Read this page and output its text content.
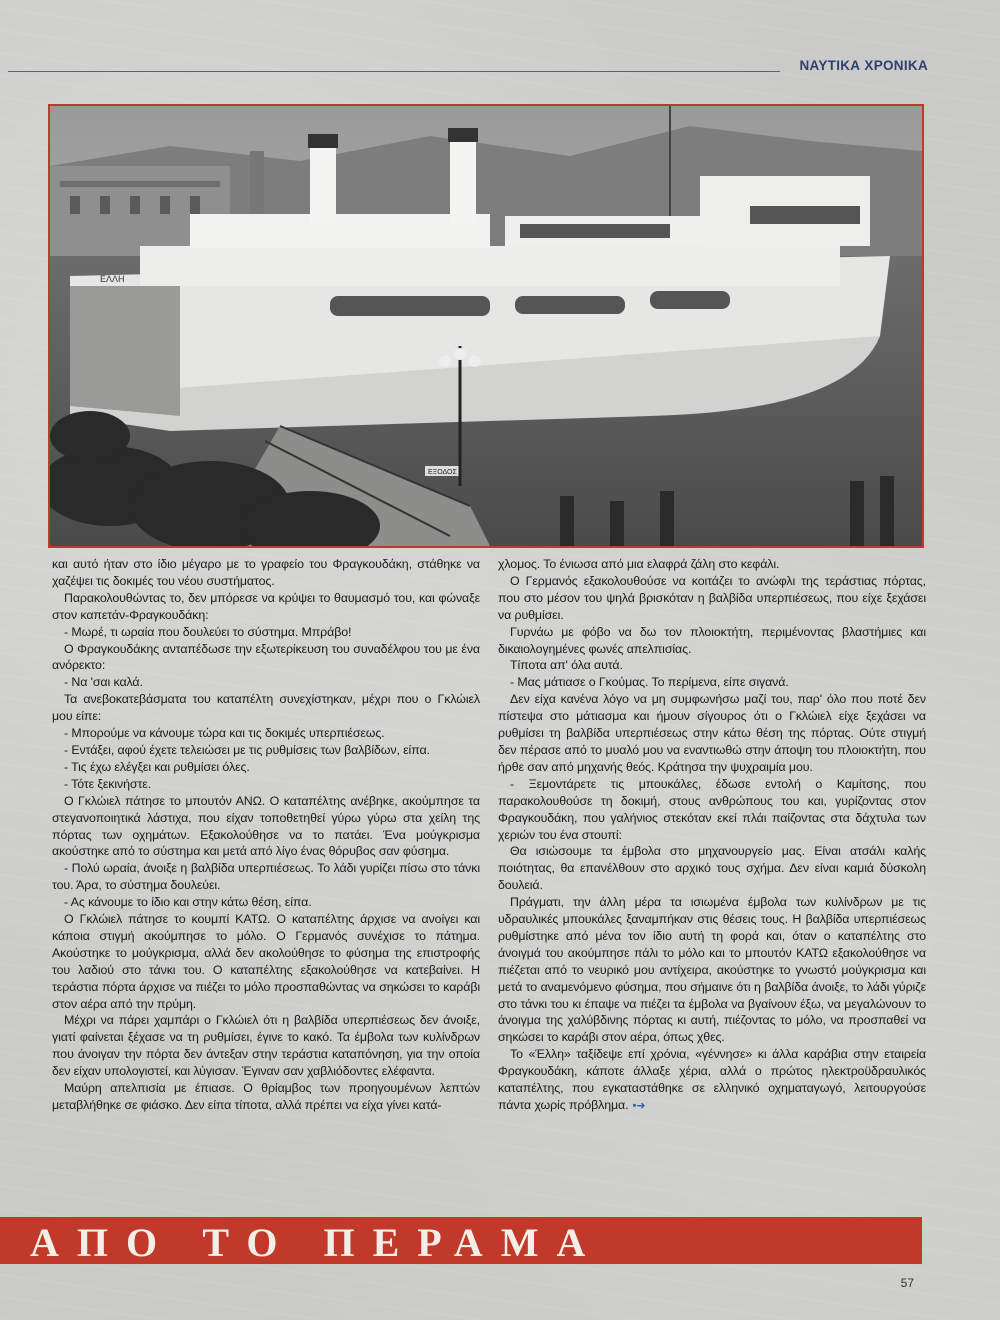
ΝΑΥΤΙΚΑ ΧΡΟΝΙΚΑ
ΕΛΛΗ
ΕΞΟΔΟΣ

και αυτό ήταν στο ίδιο μέγαρο με το γραφείο του Φραγκουδάκη, στάθηκε να χαζέψει τις δοκιμές του νέου συστήματος.

Παρακολουθώντας το, δεν μπόρεσε να κρύψει το θαυμασμό του, και φώναξε στον καπετάν-Φραγκουδάκη:

- Μωρέ, τι ωραία που δουλεύει το σύστημα. Μπράβο!

Ο Φραγκουδάκης ανταπέδωσε την εξωτερίκευση του συναδέλφου του με ένα ανόρεκτο:

- Να 'σαι καλά.

Τα ανεβοκατεβάσματα του καταπέλτη συνεχίστηκαν, μέχρι που ο Γκλώιελ μου είπε:

- Μπορούμε να κάνουμε τώρα και τις δοκιμές υπερπιέσεως.

- Εντάξει, αφού έχετε τελειώσει με τις ρυθμίσεις των βαλβίδων, είπα.

- Τις έχω ελέγξει και ρυθμίσει όλες.

- Τότε ξεκινήστε.

Ο Γκλώιελ πάτησε το μπουτόν ΑΝΩ. Ο καταπέλτης ανέβηκε, ακούμπησε τα στεγανοποιητικά λάστιχα, που είχαν τοποθετηθεί γύρω γύρω στα χείλη της πόρτας των οχημάτων. Εξακολούθησε να το πατάει. Ένα μούγκρισμα ακούστηκε από το σύστημα και μετά από λίγο ένας θόρυβος σαν φύσημα.

- Πολύ ωραία, άνοιξε η βαλβίδα υπερπιέσεως. Το λάδι γυρίζει πίσω στο τάνκι του. Άρα, το σύστημα δουλεύει.

- Ας κάνουμε το ίδιο και στην κάτω θέση, είπα.

Ο Γκλώιελ πάτησε το κουμπί ΚΑΤΩ. Ο καταπέλτης άρχισε να ανοίγει και κάποια στιγμή ακούμπησε το μόλο. Ο Γερμανός συνέχισε το πάτημα. Ακούστηκε το μούγκρισμα, αλλά δεν ακολούθησε το φύσημα της επιστροφής του λαδιού στο τάνκι του. Ο καταπέλτης εξακολούθησε να κατεβαίνει. Η τεράστια πόρτα άρχισε να πιέζει το μόλο προσπαθώντας να σηκώσει το καράβι στον αέρα από την πρύμη.

Μέχρι να πάρει χαμπάρι ο Γκλώιελ ότι η βαλβίδα υπερπιέσεως δεν άνοιξε, γιατί φαίνεται ξέχασε να τη ρυθμίσει, έγινε το κακό. Τα έμβολα των κυλίνδρων που άνοιγαν την πόρτα δεν άντεξαν στην τεράστια καταπόνηση, για την οποία δεν είχαν υπολογιστεί, και λύγισαν. Έγιναν σαν χαβλιόδοντες ελέφαντα.

Μαύρη απελπισία με έπιασε. Ο θρίαμβος των προηγουμένων λεπτών μεταβλήθηκε σε φιάσκο. Δεν είπα τίποτα, αλλά πρέπει να είχα γίνει κατά-

χλομος. Το ένιωσα από μια ελαφρά ζάλη στο κεφάλι.

Ο Γερμανός εξακολουθούσε να κοιτάζει το ανώφλι της τεράστιας πόρτας, που στο μέσον του ψηλά βρισκόταν η βαλβίδα υπερπιέσεως, που είχε ξεχάσει να ρυθμίσει.

Γυρνάω με φόβο να δω τον πλοιοκτήτη, περιμένοντας βλαστήμιες και δικαιολογημένες φωνές απελπισίας.

Τίποτα απ' όλα αυτά.

- Μας μάτιασε ο Γκούμας. Το περίμενα, είπε σιγανά.

Δεν είχα κανένα λόγο να μη συμφωνήσω μαζί του, παρ' όλο που ποτέ δεν πίστεψα στο μάτιασμα και ήμουν σίγουρος ότι ο Γκλώιελ είχε ξεχάσει να ρυθμίσει τη βαλβίδα υπερπιέσεως στην κάτω θέση της πόρτας. Ούτε στιγμή δεν πέρασε από το μυαλό μου να εναντιωθώ στην άποψη του πλοιοκτήτη, που ήρθε σαν από μηχανής θεός. Κράτησα την ψυχραιμία μου.

- Ξεμοντάρετε τις μπουκάλες, έδωσε εντολή ο Καμίτσης, που παρακολουθούσε τη δοκιμή, στους ανθρώπους του και, γυρίζοντας στον Φραγκουδάκη, που γαλήνιος στεκόταν εκεί πλάι παίζοντας στα δάχτυλα των χεριών του ένα στουπί:

Θα ισιώσουμε τα έμβολα στο μηχανουργείο μας. Είναι ατσάλι καλής ποιότητας, θα επανέλθουν στο αρχικό τους σχήμα. Δεν είναι καμιά δύσκολη δουλειά.

Πράγματι, την άλλη μέρα τα ισιωμένα έμβολα των κυλίνδρων με τις υδραυλικές μπουκάλες ξαναμπήκαν στις θέσεις τους. Η βαλβίδα υπερπιέσεως ρυθμίστηκε από μένα τον ίδιο αυτή τη φορά και, όταν ο καταπέλτης στο άνοιγμά του ακούμπησε πάλι το μόλο και το μπουτόν ΚΑΤΩ εξακολούθησε να πιέζεται από το νευρικό μου αντίχειρα, ακούστηκε το γνωστό μούγκρισμα και μετά το αναμενόμενο φύσημα, που σήμαινε ότι η βαλβίδα άνοιξε, το λάδι γύριζε στο τάνκι του κι έπαψε να πιέζει τα έμβολα να βγαίνουν έξω, να μεγαλώνουν το άνοιγμα της χαλύβδινης πόρτας κι αυτή, πιέζοντας το μόλο, να προσπαθεί να σηκώσει το καράβι στον αέρα, όπως χθες.

Το «Έλλη» ταξίδεψε επί χρόνια, «γέννησε» κι άλλα καράβια στην εταιρεία Φραγκουδάκη, κάποτε άλλαξε χέρια, αλλά ο πρώτος ηλεκτροϋδραυλικός καταπέλτης, που εγκαταστάθηκε σε ελληνικό οχηματαγωγό, λειτουργούσε πάντα χωρίς πρόβλημα. •➜

ΑΠΟ ΤΟ ΠΕΡΑΜΑ
57
